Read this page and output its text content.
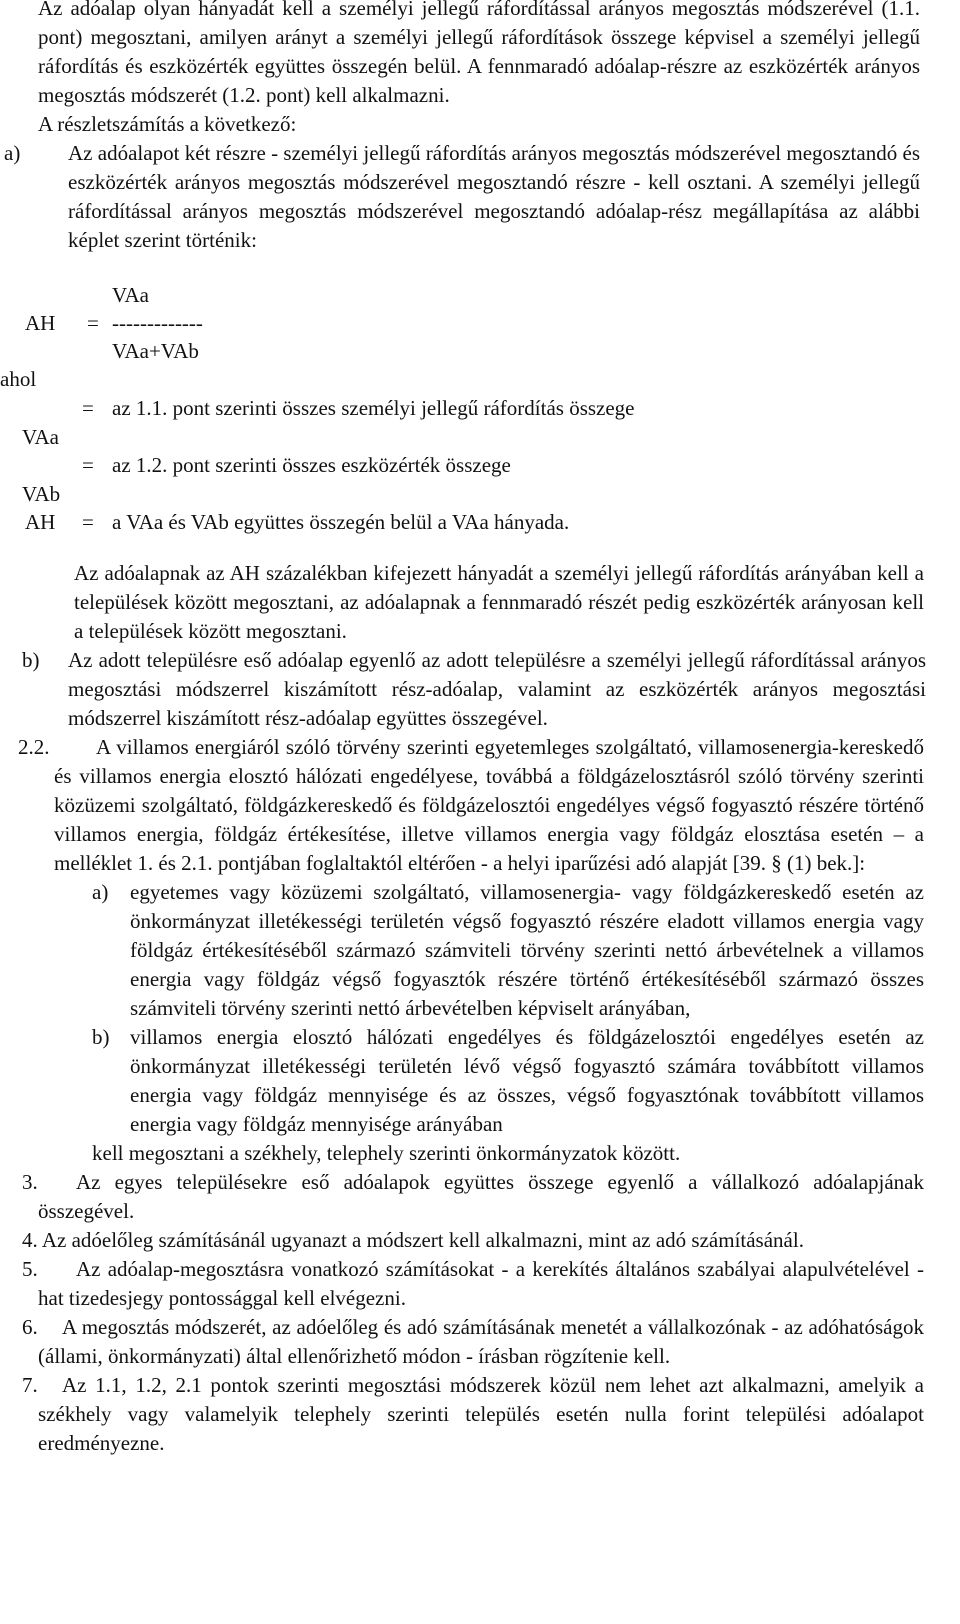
Az adóalap olyan hányadát kell a személyi jellegű ráfordítással arányos megosztás módszerével (1.1. pont) megosztani, amilyen arányt a személyi jellegű ráfordítások összege képvisel a személyi jellegű ráfordítás és eszközérték együttes összegén belül. A fennmaradó adóalap-részre az eszközérték arányos megosztás módszerét (1.2. pont) kell alkalmazni.

A részletszámítás a következő:

a) Az adóalapot két részre - személyi jellegű ráfordítás arányos megosztás módszerével megosztandó és eszközérték arányos megosztás módszerével megosztandó részre - kell osztani. A személyi jellegű ráfordítással arányos megosztás módszerével megosztandó adóalap-rész megállapítása az alábbi képlet szerint történik:

VAa
AH = -------------
VAa+VAb
ahol
= az 1.1. pont szerinti összes személyi jellegű ráfordítás összege
VAa
= az 1.2. pont szerinti összes eszközérték összege
VAb
AH = a VAa és VAb együttes összegén belül a VAa hányada.

Az adóalapnak az AH százalékban kifejezett hányadát a személyi jellegű ráfordítás arányában kell a települések között megosztani, az adóalapnak a fennmaradó részét pedig eszközérték arányosan kell a települések között megosztani.

b) Az adott településre eső adóalap egyenlő az adott településre a személyi jellegű ráfordítással arányos megosztási módszerrel kiszámított rész-adóalap, valamint az eszközérték arányos megosztási módszerrel kiszámított rész-adóalap együttes összegével.

2.2.	A villamos energiáról szóló törvény szerinti egyetemleges szolgáltató, villamosenergia-kereskedő és villamos energia elosztó hálózati engedélyese, továbbá a földgázelosztásról szóló törvény szerinti közüzemi szolgáltató, földgázkereskedő és földgázelosztói engedélyes végső fogyasztó részére történő villamos energia, földgáz értékesítése, illetve villamos energia vagy földgáz elosztása esetén – a melléklet 1. és 2.1. pontjában foglaltaktól eltérően - a helyi iparűzési adó alapját [39. § (1) bek.]:

a) egyetemes vagy közüzemi szolgáltató, villamosenergia- vagy földgázkereskedő esetén az önkormányzat illetékességi területén végső fogyasztó részére eladott villamos energia vagy földgáz értékesítéséből származó számviteli törvény szerinti nettó árbevételnek a villamos energia vagy földgáz végső fogyasztók részére történő értékesítéséből származó összes számviteli törvény szerinti nettó árbevételben képviselt arányában,

b) villamos energia elosztó hálózati engedélyes és földgázelosztói engedélyes esetén az önkormányzat illetékességi területén lévő végső fogyasztó számára továbbított villamos energia vagy földgáz mennyisége és az összes, végső fogyasztónak továbbított villamos energia vagy földgáz mennyisége arányában

kell megosztani a székhely, telephely szerinti önkormányzatok között.

3.	Az egyes településekre eső adóalapok együttes összege egyenlő a vállalkozó adóalapjának összegével.

4. Az adóelőleg számításánál ugyanazt a módszert kell alkalmazni, mint az adó számításánál.

5.	Az adóalap-megosztásra vonatkozó számításokat - a kerekítés általános szabályai alapulvételével - hat tizedesjegy pontossággal kell elvégezni.

6.	A megosztás módszerét, az adóelőleg és adó számításának menetét a vállalkozónak - az adóhatóságok (állami, önkormányzati) által ellenőrizhető módon - írásban rögzítenie kell.

7.	Az 1.1, 1.2, 2.1 pontok szerinti megosztási módszerek közül nem lehet azt alkalmazni, amelyik a székhely vagy valamelyik telephely szerinti település esetén nulla forint települési adóalapot eredményezne.
